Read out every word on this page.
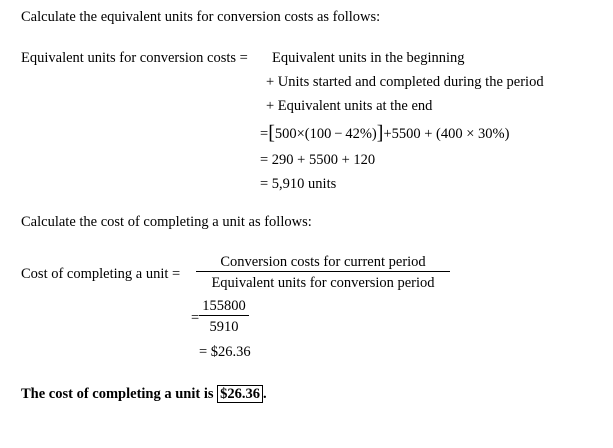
Calculate the equivalent units for conversion costs as follows:
Equivalent units for conversion costs = Equivalent units in the beginning
+ Units started and completed during the period
+ Equivalent units at the end
=[500×(100 − 42%)]+5500 + (400 × 30%)
= 290 + 5500 + 120
= 5,910 units
Calculate the cost of completing a unit as follows:
Cost of completing a unit =
Conversion costs for current period
Equivalent units for conversion period
= $\frac{155800}{5910}$
= $26.36
The cost of completing a unit is $26.36 .
